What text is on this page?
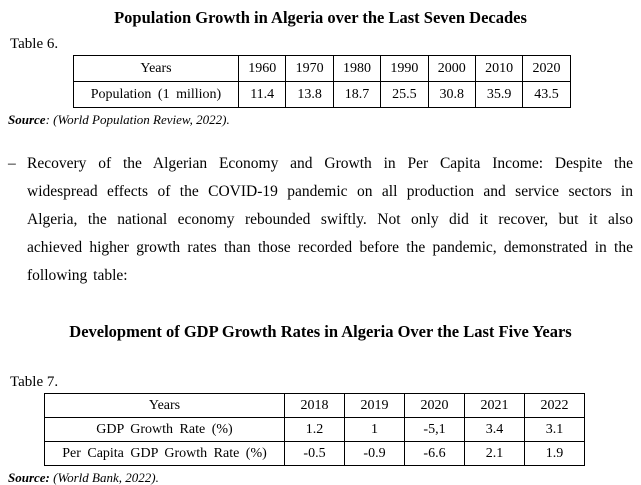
Population Growth in Algeria over the Last Seven Decades
Table 6.
Years	1960	1970	1980	1990	2000	2010	2020
Population (1 million)	11.4	13.8	18.7	25.5	30.8	35.9	43.5
Source: (World Population Review, 2022).
– Recovery of the Algerian Economy and Growth in Per Capita Income: Despite the widespread effects of the COVID-19 pandemic on all production and service sectors in Algeria, the national economy rebounded swiftly. Not only did it recover, but it also achieved higher growth rates than those recorded before the pandemic, demonstrated in the following table:
Development of GDP Growth Rates in Algeria Over the Last Five Years
Table 7.
Years	2018	2019	2020	2021	2022
GDP Growth Rate (%)	1.2	1	-5,1	3.4	3.1
Per Capita GDP Growth Rate (%)	-0.5	-0.9	-6.6	2.1	1.9
Source: (World Bank, 2022).
